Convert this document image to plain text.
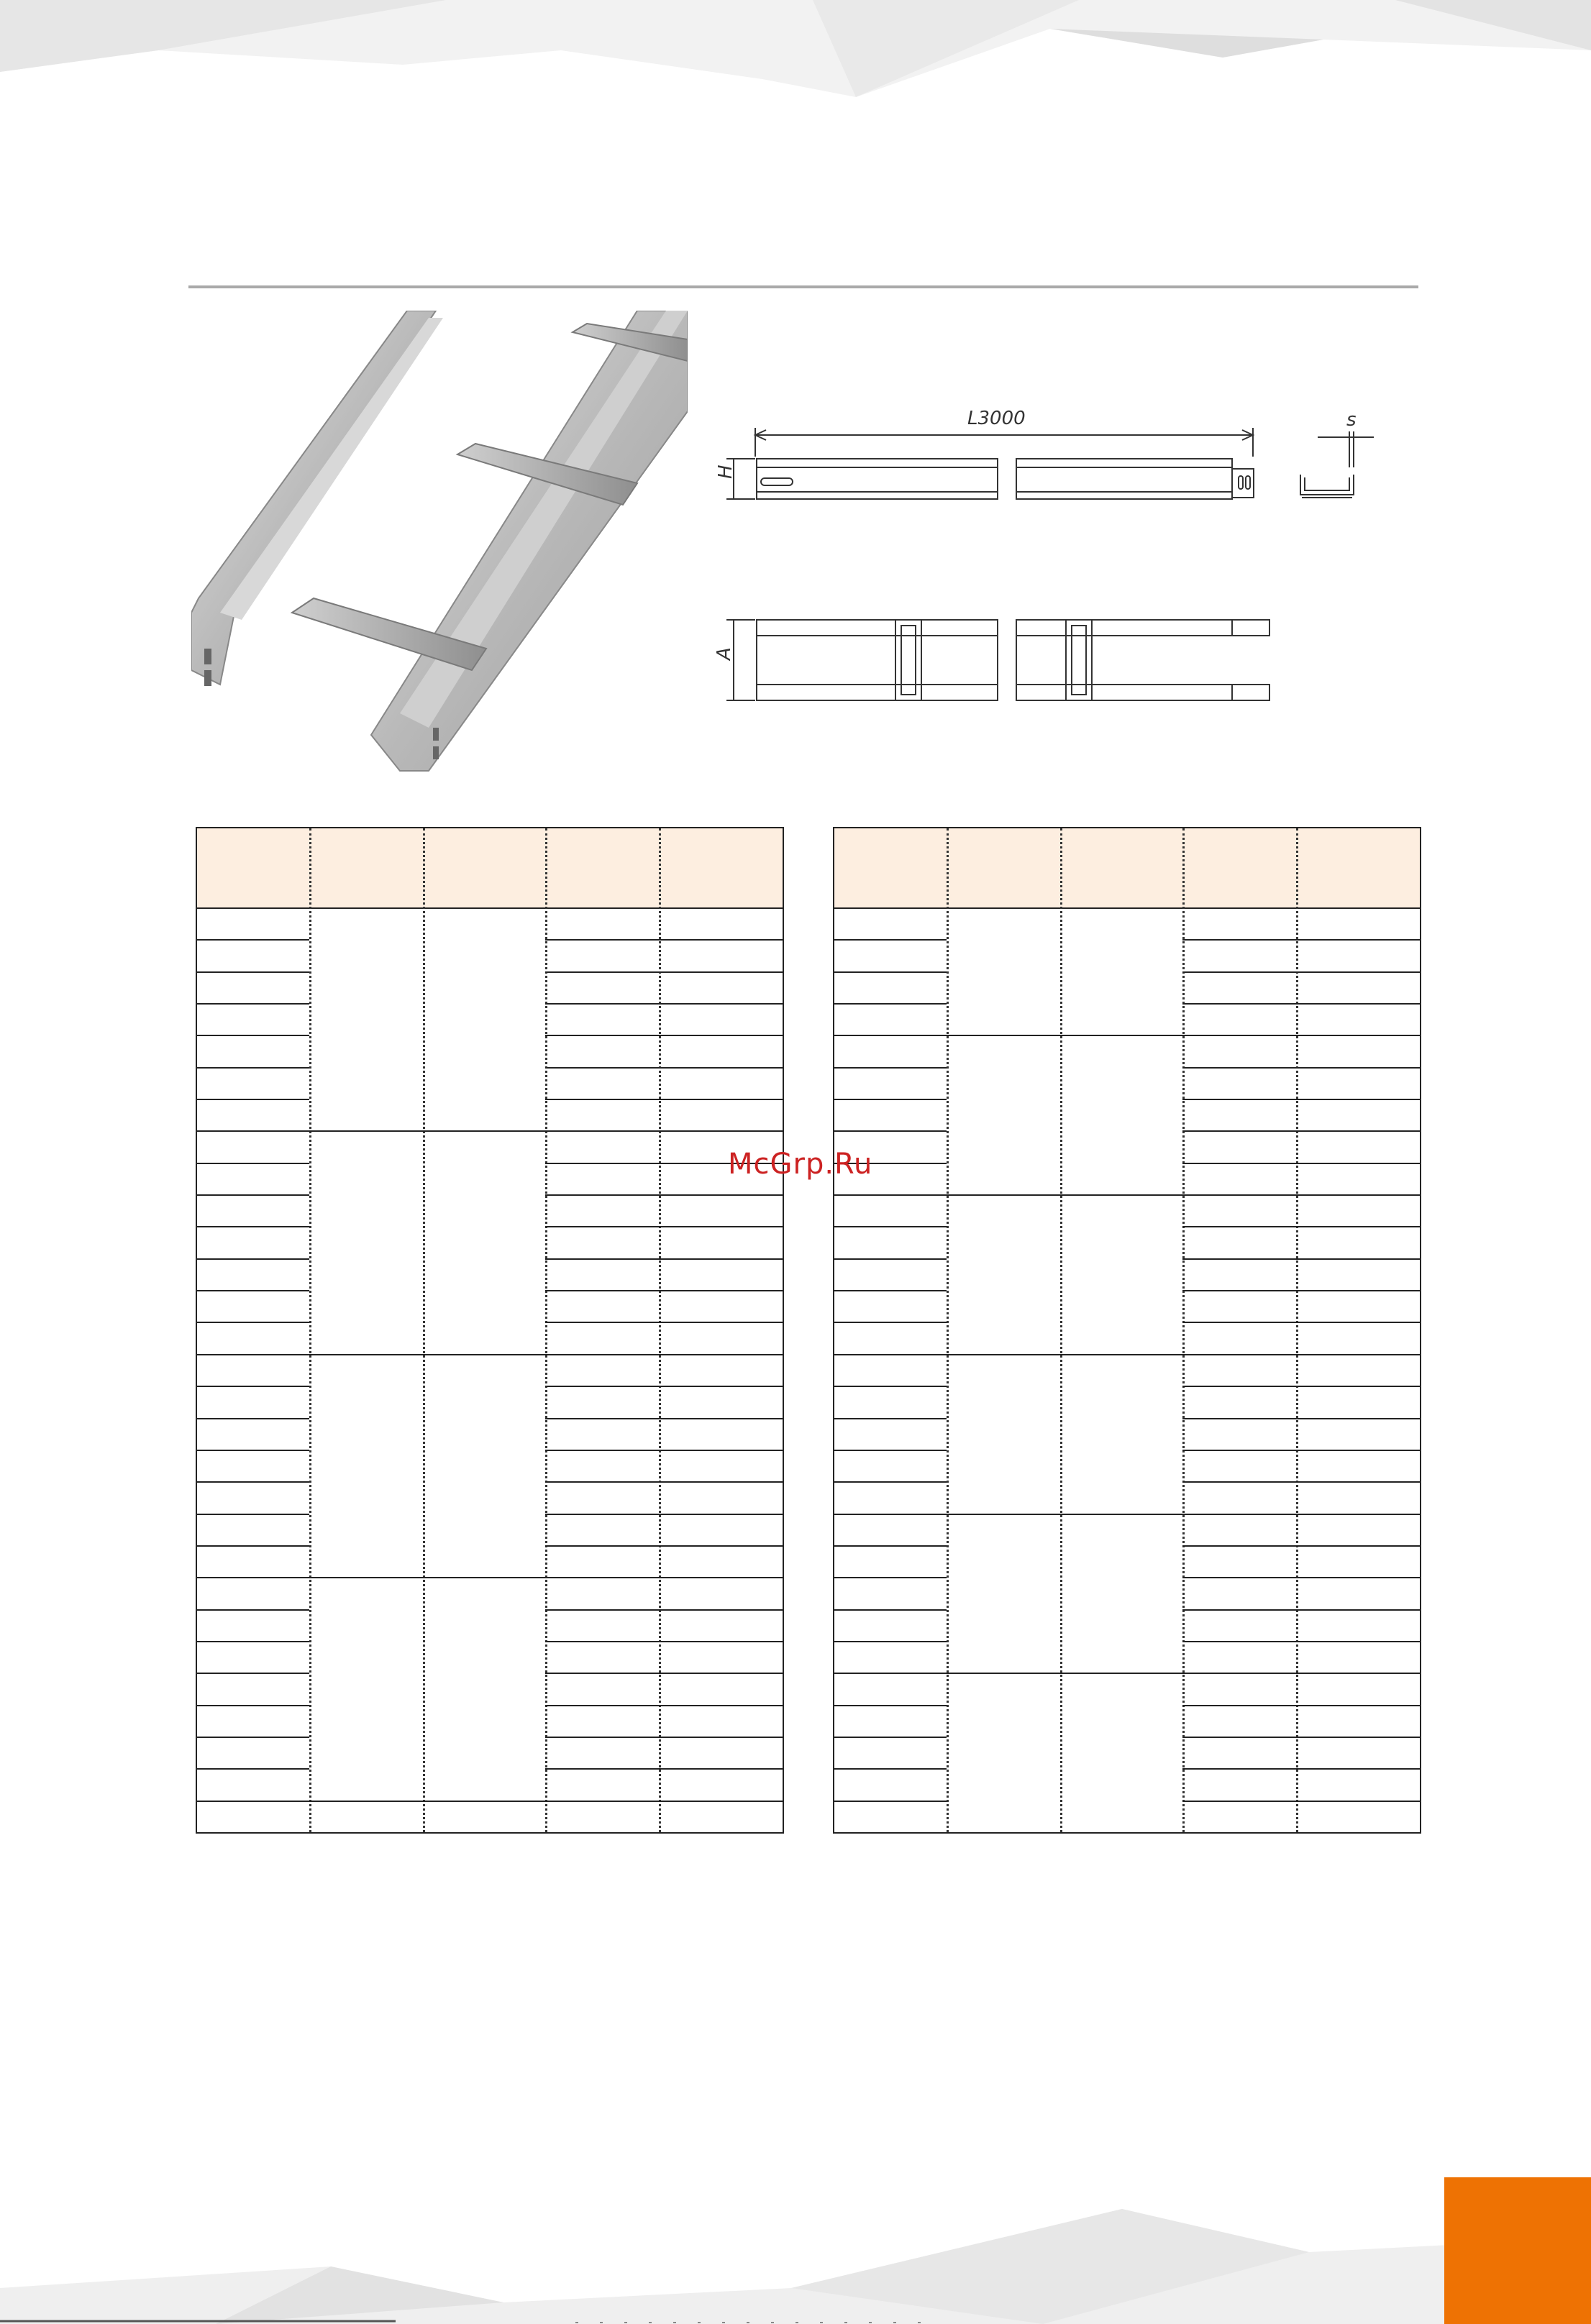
L3000
H
A
s
McGrp.Ru
